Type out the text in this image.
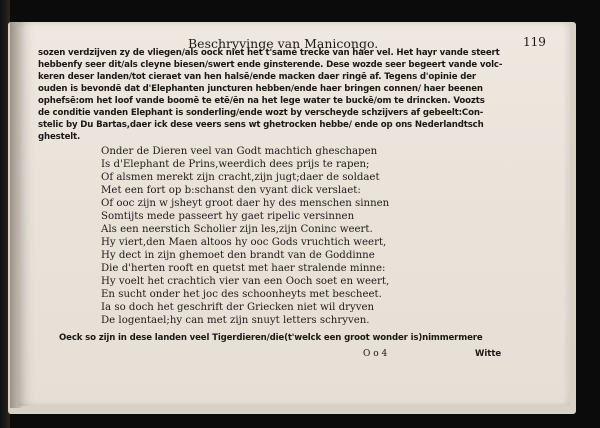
Beschryvinge van Manicongo.	119
sozen verdzijven zy de vliegen/als oock niet het t'samé trecke van haer vel. Het hayr vande steert
hebbenfy seer dit/als cleyne biesen/swert ende ginsterende. Dese wozde seer begeert vande volc-
keren deser landen/tot cieraet van hen halsē/ende macken daer ringē af. Tegens d'opinie der
ouden is bevondē dat d'Elephanten juncturen hebben/ende haer bringen connen/ haer beenen
ophefsē:om het loof vande boomē te etē/ēn na het lege water te buckē/om te drincken. Voozts
de conditie vanden Elephant is sonderling/ende wozt by verscheyde schzijvers af gebeelt:Con-
stelic by Du Bartas,daer ick dese veers sens wt ghetrocken hebbe/ ende op ons Nederlandtsch
ghestelt.
Onder de Dieren veel van Godt machtich gheschapen
Is d'Elephant de Prins,weerdich dees prijs te rapen;
Of alsmen merekt zijn cracht,zijn jugt;daer de soldaet
Met een fort op b:schanst den vyant dick verslaet:
Of ooc zijn w jsheyt groot daer hy des menschen sinnen
Somtijts mede passeert hy gaet ripelic versinnen
Als een neerstich Scholier zijn les,zijn Coninc weert.
Hy viert,den Maen altoos hy ooc Gods vruchtich weert,
Hy dect in zijn ghemoet den brandt van de Goddinne
Die d'herten rooft en quetst met haer stralende minne:
Hy voelt het crachtich vier van een Ooch soet en weert,
En sucht onder het joc des schoonheyts met bescheet.
Ia so doch het geschrift der Griecken niet wil dryven
De logentael;hy can met zijn snuyt letters schryven.
Oeck so zijn in dese landen veel Tigerdieren/die(t'welck een groot wonder is)nimmermere
O o 4	Witte
